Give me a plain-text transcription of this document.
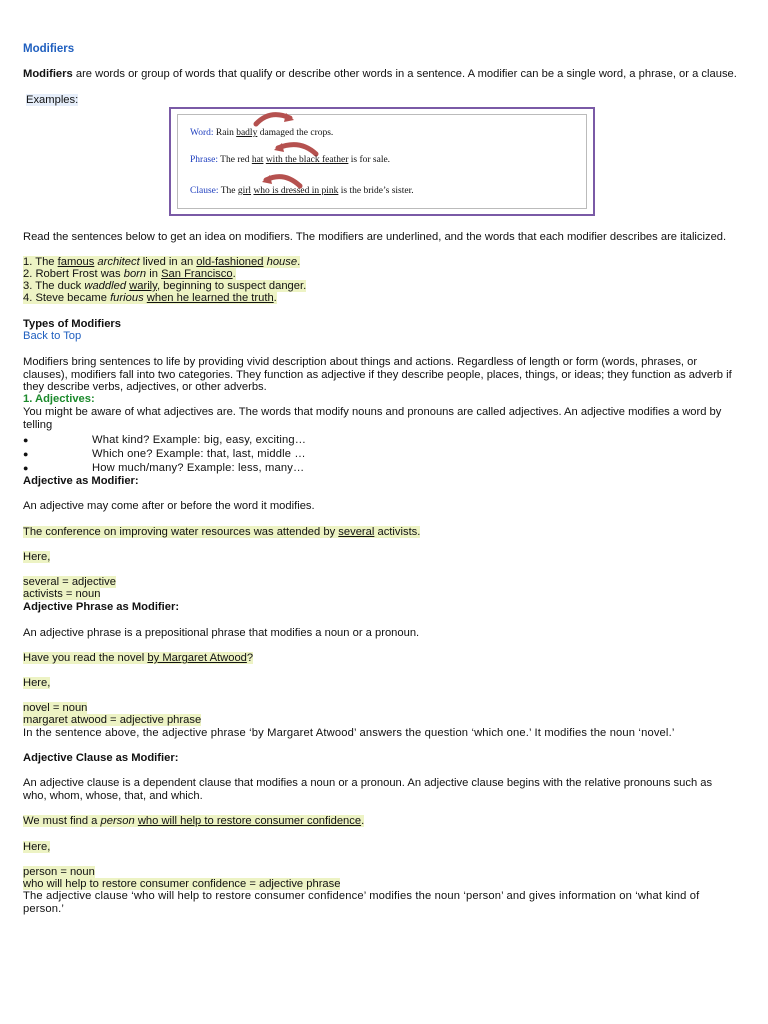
Modifiers
Modifiers are words or group of words that qualify or describe other words in a sentence. A modifier can be a single word, a phrase, or a clause.
Examples:
Word: Rain badly damaged the crops.
Phrase: The red hat with the black feather is for sale.
Clause: The girl who is dressed in pink is the bride’s sister.
Read the sentences below to get an idea on modifiers. The modifiers are underlined, and the words that each modifier describes are italicized.
1. The famous architect lived in an old-fashioned house.
2. Robert Frost was born in San Francisco.
3. The duck waddled warily, beginning to suspect danger.
4. Steve became furious when he learned the truth.
Types of Modifiers
Back to Top
Modifiers bring sentences to life by providing vivid description about things and actions. Regardless of length or form (words, phrases, or clauses), modifiers fall into two categories. They function as adjective if they describe people, places, things, or ideas; they function as adverb if they describe verbs, adjectives, or other adverbs.
1. Adjectives:
You might be aware of what adjectives are. The words that modify nouns and pronouns are called adjectives. An adjective modifies a word by telling
●	What kind? Example: big, easy, exciting…
●	Which one? Example: that, last, middle …
●	How much/many? Example: less, many…
Adjective as Modifier:
An adjective may come after or before the word it modifies.
The conference on improving water resources was attended by several activists.
Here,
several = adjective
activists = noun
Adjective Phrase as Modifier:
An adjective phrase is a prepositional phrase that modifies a noun or a pronoun.
Have you read the novel by Margaret Atwood?
Here,
novel = noun
margaret atwood = adjective phrase
In the sentence above, the adjective phrase ‘by Margaret Atwood’ answers the question ‘which one.’ It modifies the noun ‘novel.’
Adjective Clause as Modifier:
An adjective clause is a dependent clause that modifies a noun or a pronoun. An adjective clause begins with the relative pronouns such as who, whom, whose, that, and which.
We must find a person who will help to restore consumer confidence.
Here,
person = noun
who will help to restore consumer confidence = adjective phrase
The adjective clause ‘who will help to restore consumer confidence’ modifies the noun ‘person’ and gives information on ‘what kind of person.’
